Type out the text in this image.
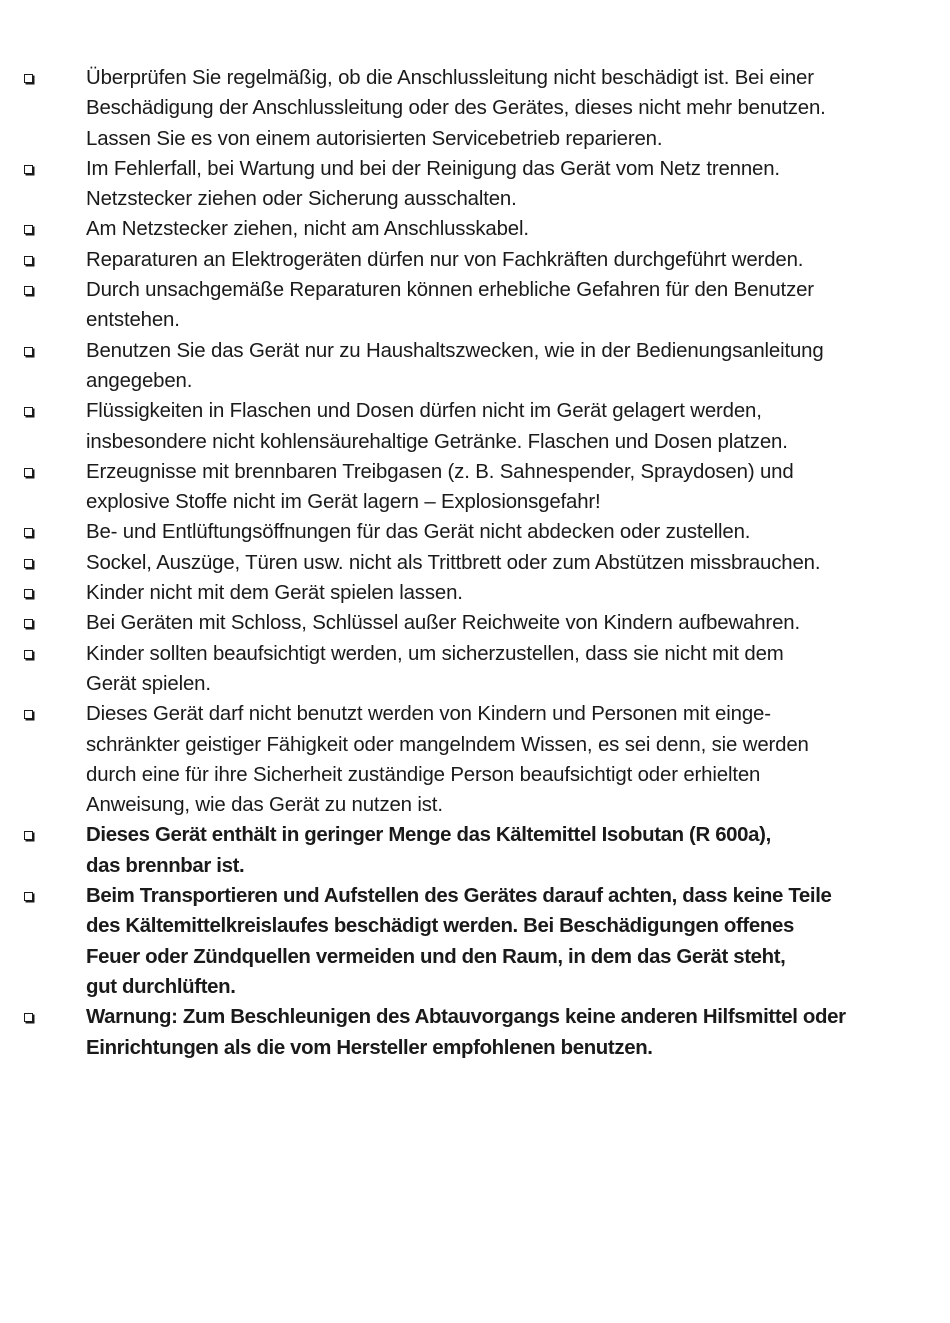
Überprüfen Sie regelmäßig, ob die Anschlussleitung nicht beschädigt ist. Bei einer
Beschädigung der Anschlussleitung oder des Gerätes, dieses nicht mehr benutzen.
Lassen Sie es von einem autorisierten Servicebetrieb reparieren.
Im Fehlerfall, bei Wartung und bei der Reinigung das Gerät vom Netz trennen.
Netzstecker ziehen oder Sicherung ausschalten.
Am Netzstecker ziehen, nicht am Anschlusskabel.
Reparaturen an Elektrogeräten dürfen nur von Fachkräften durchgeführt werden.
Durch unsachgemäße Reparaturen können erhebliche Gefahren für den Benutzer
entstehen.
Benutzen Sie das Gerät nur zu Haushaltszwecken, wie in der Bedienungsanleitung
angegeben.
Flüssigkeiten in Flaschen und Dosen dürfen nicht im Gerät gelagert werden,
insbesondere nicht kohlensäurehaltige Getränke. Flaschen und Dosen platzen.
Erzeugnisse mit brennbaren Treibgasen (z. B. Sahnespender, Spraydosen) und
explosive Stoffe nicht im Gerät lagern – Explosionsgefahr!
Be- und Entlüftungsöffnungen für das Gerät nicht abdecken oder zustellen.
Sockel, Auszüge, Türen usw. nicht als Trittbrett oder zum Abstützen missbrauchen.
Kinder nicht mit dem Gerät spielen lassen.
Bei Geräten mit Schloss, Schlüssel außer Reichweite von Kindern aufbewahren.
Kinder sollten beaufsichtigt werden, um sicherzustellen, dass sie nicht mit dem
Gerät spielen.
Dieses Gerät darf nicht benutzt werden von Kindern und Personen mit einge-
schränkter geistiger Fähigkeit oder mangelndem Wissen, es sei denn, sie werden
durch eine für ihre Sicherheit zuständige Person beaufsichtigt oder erhielten
Anweisung, wie das Gerät zu nutzen ist.
Dieses Gerät enthält in geringer Menge das Kältemittel Isobutan (R 600a),
das brennbar ist.
Beim Transportieren und Aufstellen des Gerätes darauf achten, dass keine Teile
des Kältemittelkreislaufes beschädigt werden. Bei Beschädigungen offenes
Feuer oder Zündquellen vermeiden und den Raum, in dem das Gerät steht,
gut durchlüften.
Warnung: Zum Beschleunigen des Abtauvorgangs keine anderen Hilfsmittel oder
Einrichtungen als die vom Hersteller empfohlenen benutzen.
